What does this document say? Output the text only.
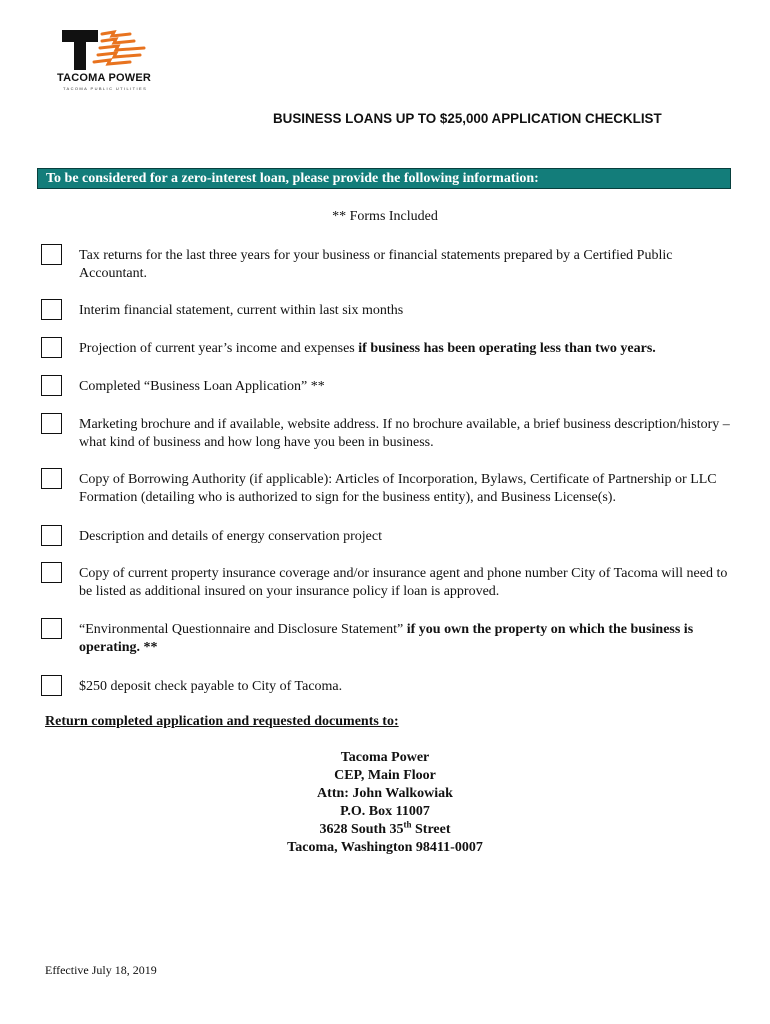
TACOMA POWER
TACOMA PUBLIC UTILITIES
BUSINESS LOANS UP TO $25,000 APPLICATION CHECKLIST
To be considered for a zero-interest loan, please provide the following information:
** Forms Included
Tax returns for the last three years for your business or financial statements prepared by a Certified Public Accountant.
Interim financial statement, current within last six months
Projection of current year’s income and expenses if business has been operating less than two years.
Completed “Business Loan Application” **
Marketing brochure and if available, website address. If no brochure available, a brief business description/history – what kind of business and how long have you been in business.
Copy of Borrowing Authority (if applicable): Articles of Incorporation, Bylaws, Certificate of Partnership or LLC Formation (detailing who is authorized to sign for the business entity), and Business License(s).
Description and details of energy conservation project
Copy of current property insurance coverage and/or insurance agent and phone number City of Tacoma will need to be listed as additional insured on your insurance policy if loan is approved.
“Environmental Questionnaire and Disclosure Statement” if you own the property on which the business is operating. **
$250 deposit check payable to City of Tacoma.
Return completed application and requested documents to:
Tacoma Power
CEP, Main Floor
Attn: John Walkowiak
P.O. Box 11007
3628 South 35th Street
Tacoma, Washington 98411-0007
Effective July 18, 2019
